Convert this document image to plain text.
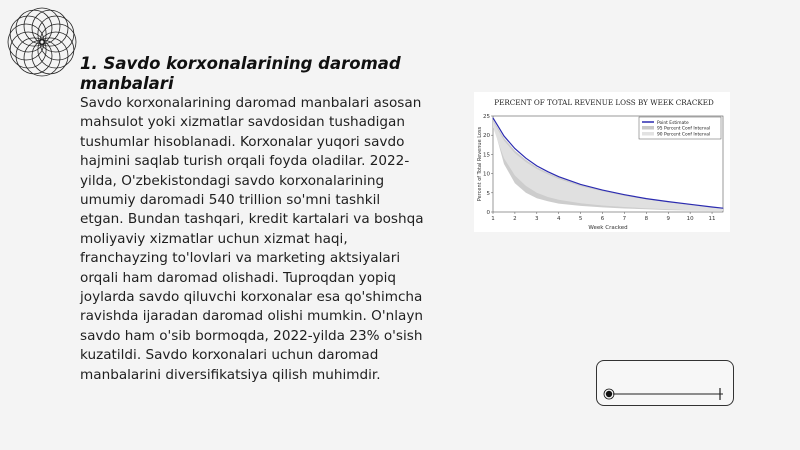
1. Savdo korxonalarining daromad manbalari

Savdo korxonalarining daromad manbalari asosan mahsulot yoki xizmatlar savdosidan tushadigan tushumlar hisoblanadi. Korxonalar yuqori savdo hajmini saqlab turish orqali foyda oladilar. 2022-yilda, O'zbekistondagi savdo korxonalarining umumiy daromadi 540 trillion so'mni tashkil etgan. Bundan tashqari, kredit kartalari va boshqa moliyaviy xizmatlar uchun xizmat haqi, franchayzing to'lovlari va marketing aktsiyalari orqali ham daromad olishadi. Tuproqdan yopiq joylarda savdo qiluvchi korxonalar esa qo'shimcha ravishda ijaradan daromad olishi mumkin. O'nlayn savdo ham o'sib bormoqda, 2022-yilda 23% o'sish kuzatildi. Savdo korxonalari uchun daromad manbalarini diversifikatsiya qilish muhimdir.

PERCENT OF TOTAL REVENUE LOSS BY WEEK CRACKED
1	2	3	4	5	6	7	8	9	10	11
0
5
10
15
20
25
Week Cracked
Percent of Total Revenue Loss
Point Estimate
95 Percent Conf Interval
90 Percent Conf Interval
